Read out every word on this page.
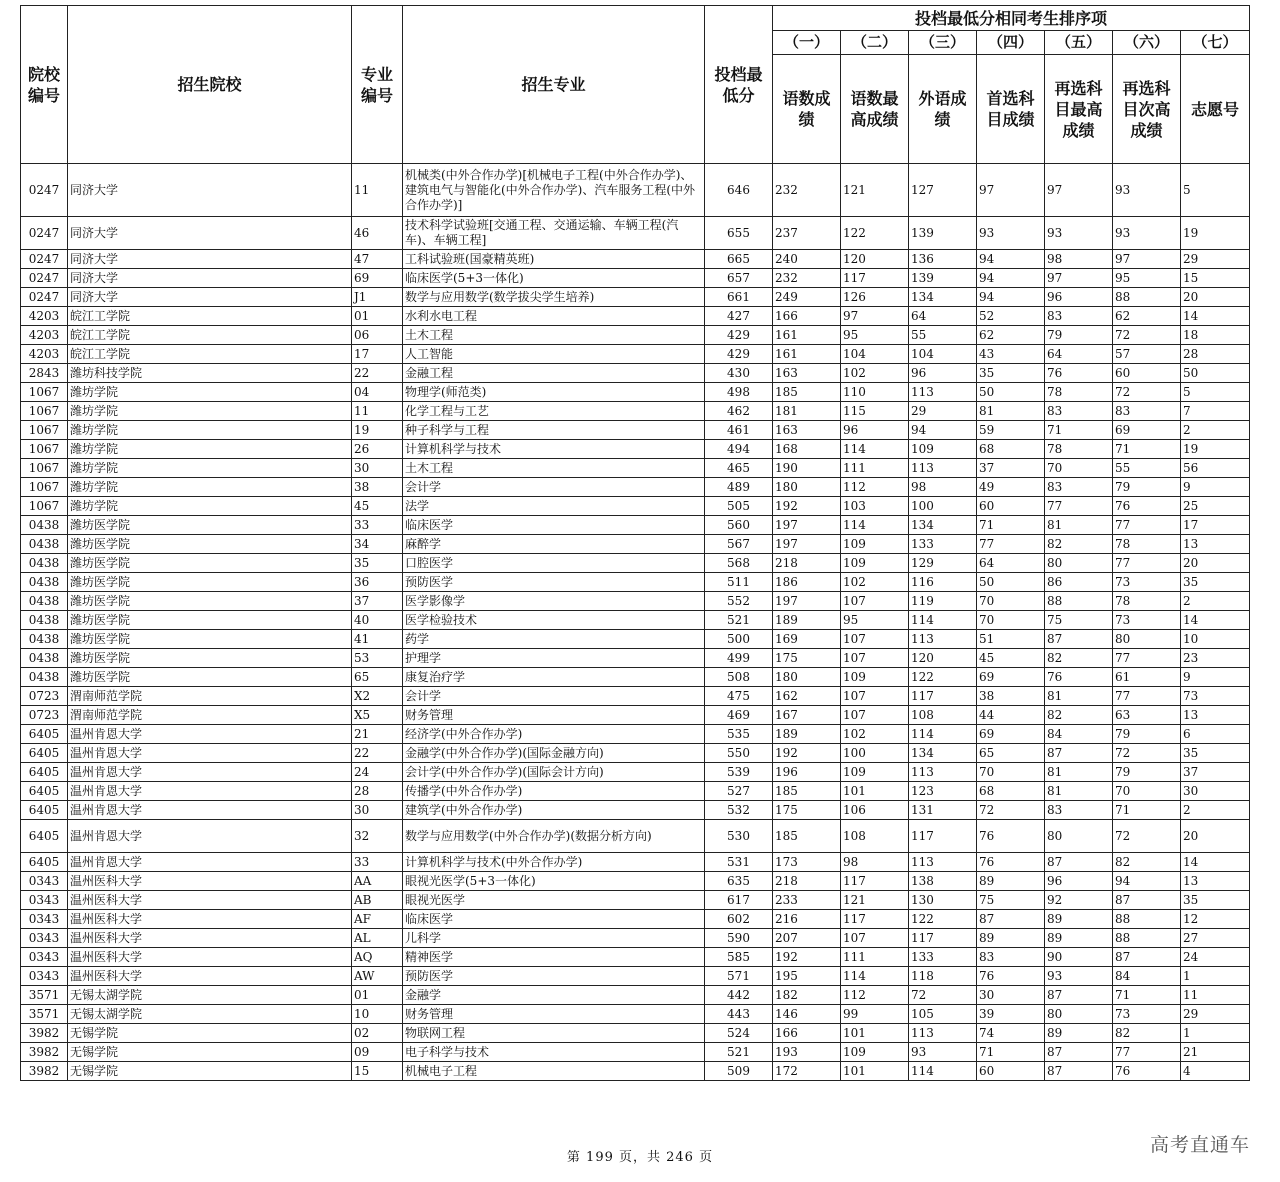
院校编号	招生院校	专业编号	招生专业	投档最低分	投档最低分相同考生排序项						
					（一）	（二）	（三）	（四）	（五）	（六）	（七）
					语数成绩	语数最高成绩	外语成绩	首选科目成绩	再选科目最高成绩	再选科目次高成绩	志愿号
0247	同济大学	11	机械类(中外合作办学)[机械电子工程(中外合作办学)、建筑电气与智能化(中外合作办学)、汽车服务工程(中外合作办学)]	646	232	121	127	97	97	93	5
0247	同济大学	46	技术科学试验班[交通工程、交通运输、车辆工程(汽车)、车辆工程]	655	237	122	139	93	93	93	19
0247	同济大学	47	工科试验班(国豪精英班)	665	240	120	136	94	98	97	29
0247	同济大学	69	临床医学(5+3一体化)	657	232	117	139	94	97	95	15
0247	同济大学	J1	数学与应用数学(数学拔尖学生培养)	661	249	126	134	94	96	88	20
4203	皖江工学院	01	水利水电工程	427	166	97	64	52	83	62	14
4203	皖江工学院	06	土木工程	429	161	95	55	62	79	72	18
4203	皖江工学院	17	人工智能	429	161	104	104	43	64	57	28
2843	潍坊科技学院	22	金融工程	430	163	102	96	35	76	60	50
1067	潍坊学院	04	物理学(师范类)	498	185	110	113	50	78	72	5
1067	潍坊学院	11	化学工程与工艺	462	181	115	29	81	83	83	7
1067	潍坊学院	19	种子科学与工程	461	163	96	94	59	71	69	2
1067	潍坊学院	26	计算机科学与技术	494	168	114	109	68	78	71	19
1067	潍坊学院	30	土木工程	465	190	111	113	37	70	55	56
1067	潍坊学院	38	会计学	489	180	112	98	49	83	79	9
1067	潍坊学院	45	法学	505	192	103	100	60	77	76	25
0438	潍坊医学院	33	临床医学	560	197	114	134	71	81	77	17
0438	潍坊医学院	34	麻醉学	567	197	109	133	77	82	78	13
0438	潍坊医学院	35	口腔医学	568	218	109	129	64	80	77	20
0438	潍坊医学院	36	预防医学	511	186	102	116	50	86	73	35
0438	潍坊医学院	37	医学影像学	552	197	107	119	70	88	78	2
0438	潍坊医学院	40	医学检验技术	521	189	95	114	70	75	73	14
0438	潍坊医学院	41	药学	500	169	107	113	51	87	80	10
0438	潍坊医学院	53	护理学	499	175	107	120	45	82	77	23
0438	潍坊医学院	65	康复治疗学	508	180	109	122	69	76	61	9
0723	渭南师范学院	X2	会计学	475	162	107	117	38	81	77	73
0723	渭南师范学院	X5	财务管理	469	167	107	108	44	82	63	13
6405	温州肯恩大学	21	经济学(中外合作办学)	535	189	102	114	69	84	79	6
6405	温州肯恩大学	22	金融学(中外合作办学)(国际金融方向)	550	192	100	134	65	87	72	35
6405	温州肯恩大学	24	会计学(中外合作办学)(国际会计方向)	539	196	109	113	70	81	79	37
6405	温州肯恩大学	28	传播学(中外合作办学)	527	185	101	123	68	81	70	30
6405	温州肯恩大学	30	建筑学(中外合作办学)	532	175	106	131	72	83	71	2
6405	温州肯恩大学	32	数学与应用数学(中外合作办学)(数据分析方向)	530	185	108	117	76	80	72	20
6405	温州肯恩大学	33	计算机科学与技术(中外合作办学)	531	173	98	113	76	87	82	14
0343	温州医科大学	AA	眼视光医学(5+3一体化)	635	218	117	138	89	96	94	13
0343	温州医科大学	AB	眼视光医学	617	233	121	130	75	92	87	35
0343	温州医科大学	AF	临床医学	602	216	117	122	87	89	88	12
0343	温州医科大学	AL	儿科学	590	207	107	117	89	89	88	27
0343	温州医科大学	AQ	精神医学	585	192	111	133	83	90	87	24
0343	温州医科大学	AW	预防医学	571	195	114	118	76	93	84	1
3571	无锡太湖学院	01	金融学	442	182	112	72	30	87	71	11
3571	无锡太湖学院	10	财务管理	443	146	99	105	39	80	73	29
3982	无锡学院	02	物联网工程	524	166	101	113	74	89	82	1
3982	无锡学院	09	电子科学与技术	521	193	109	93	71	87	77	21
3982	无锡学院	15	机械电子工程	509	172	101	114	60	87	76	4
第 199 页，共 246 页
高考直通车
